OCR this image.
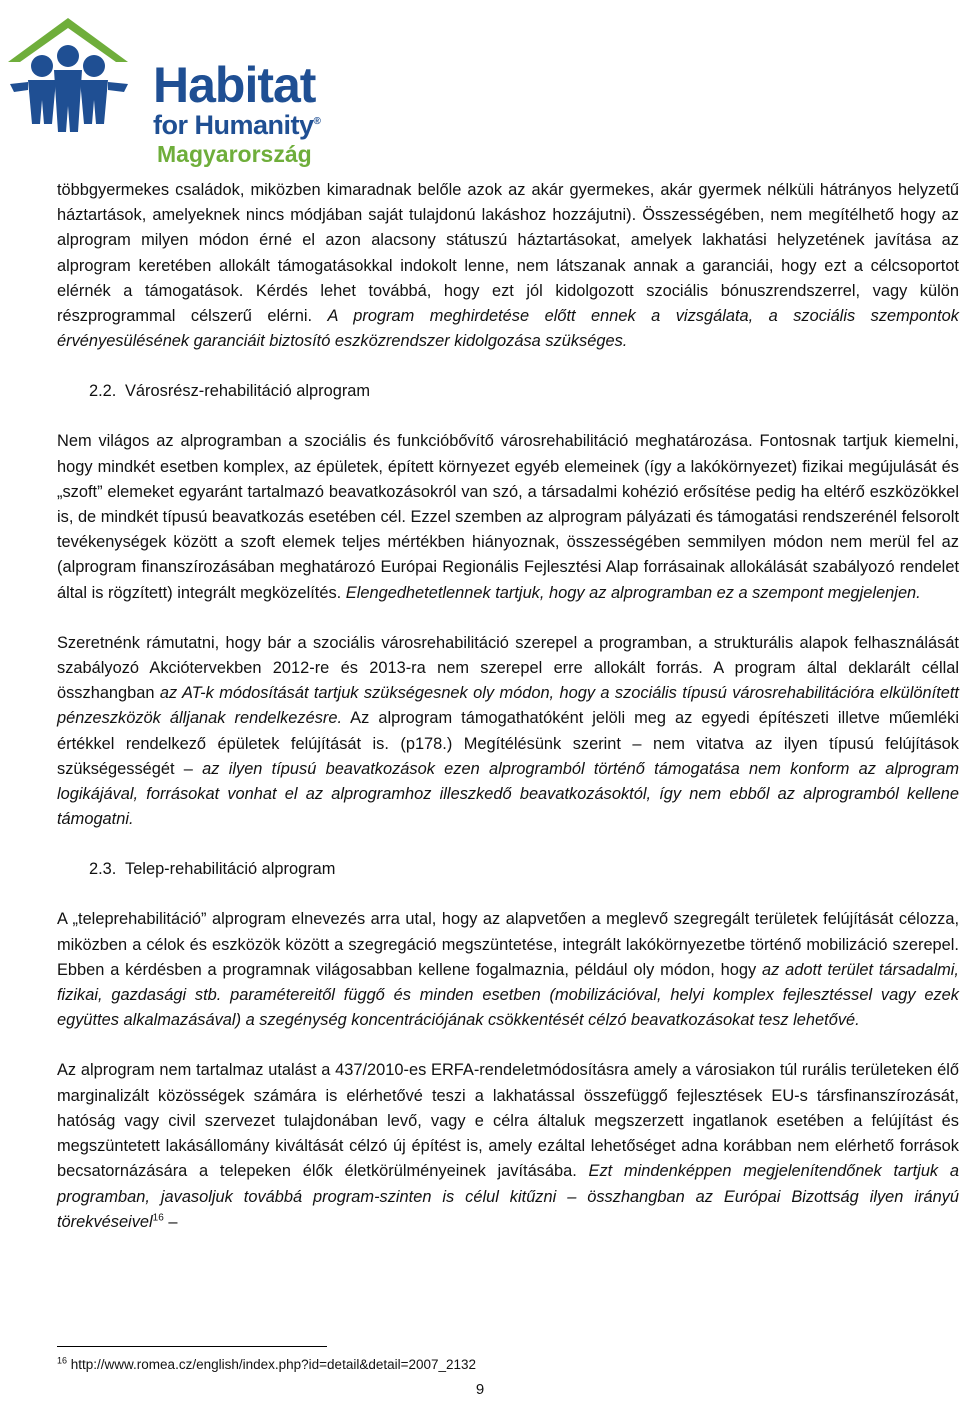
Habitat
for Humanity®
Magyarország

többgyermekes családok, miközben kimaradnak belőle azok az akár gyermekes, akár gyermek nélküli hátrányos helyzetű háztartások, amelyeknek nincs módjában saját tulajdonú lakáshoz hozzájutni). Összességében, nem megítélhető hogy az alprogram milyen módon érné el azon alacsony státuszú háztartásokat, amelyek lakhatási helyzetének javítása az alprogram keretében allokált támogatásokkal indokolt lenne, nem látszanak annak a garanciái, hogy ezt a célcsoportot elérnék a támogatások. Kérdés lehet továbbá, hogy ezt jól kidolgozott szociális bónuszrendszerrel, vagy külön részprogrammal célszerű elérni. A program meghirdetése előtt ennek a vizsgálata, a szociális szempontok érvényesülésének garanciáit biztosító eszközrendszer kidolgozása szükséges.

2.2. Városrész-rehabilitáció alprogram

Nem világos az alprogramban a szociális és funkcióbővítő városrehabilitáció meghatározása. Fontosnak tartjuk kiemelni, hogy mindkét esetben komplex, az épületek, épített környezet egyéb elemeinek (így a lakókörnyezet) fizikai megújulását és „szoft” elemeket egyaránt tartalmazó beavatkozásokról van szó, a társadalmi kohézió erősítése pedig ha eltérő eszközökkel is, de mindkét típusú beavatkozás esetében cél. Ezzel szemben az alprogram pályázati és támogatási rendszerénél felsorolt tevékenységek között a szoft elemek teljes mértékben hiányoznak, összességében semmilyen módon nem merül fel az (alprogram finanszírozásában meghatározó Európai Regionális Fejlesztési Alap forrásainak allokálását szabályozó rendelet által is rögzített) integrált megközelítés. Elengedhetetlennek tartjuk, hogy az alprogramban ez a szempont megjelenjen.

Szeretnénk rámutatni, hogy bár a szociális városrehabilitáció szerepel a programban, a strukturális alapok felhasználását szabályozó Akciótervekben 2012-re és 2013-ra nem szerepel erre allokált forrás. A program által deklarált céllal összhangban az AT-k módosítását tartjuk szükségesnek oly módon, hogy a szociális típusú városrehabilitációra elkülönített pénzeszközök álljanak rendelkezésre. Az alprogram támogathatóként jelöli meg az egyedi építészeti illetve műemléki értékkel rendelkező épületek felújítását is. (p178.) Megítélésünk szerint – nem vitatva az ilyen típusú felújítások szükségességét – az ilyen típusú beavatkozások ezen alprogramból történő támogatása nem konform az alprogram logikájával, forrásokat vonhat el az alprogramhoz illeszkedő beavatkozásoktól, így nem ebből az alprogramból kellene támogatni.

2.3. Telep-rehabilitáció alprogram

A „teleprehabilitáció” alprogram elnevezés arra utal, hogy az alapvetően a meglevő szegregált területek felújítását célozza, miközben a célok és eszközök között a szegregáció megszüntetése, integrált lakókörnyezetbe történő mobilizáció szerepel. Ebben a kérdésben a programnak világosabban kellene fogalmaznia, például oly módon, hogy az adott terület társadalmi, fizikai, gazdasági stb. paramétereitől függő és minden esetben (mobilizációval, helyi komplex fejlesztéssel vagy ezek együttes alkalmazásával) a szegénység koncentrációjának csökkentését célzó beavatkozásokat tesz lehetővé.

Az alprogram nem tartalmaz utalást a 437/2010-es ERFA-rendeletmódosításra amely a városiakon túl rurális területeken élő marginalizált közösségek számára is elérhetővé teszi a lakhatással összefüggő fejlesztések EU-s társfinanszírozását, hatóság vagy civil szervezet tulajdonában levő, vagy e célra általuk megszerzett ingatlanok esetében a felújítást és megszüntetett lakásállomány kiváltását célzó új építést is, amely ezáltal lehetőséget adna korábban nem elérhető források becsatornázására a telepeken élők életkörülményeinek javításába. Ezt mindenképpen megjelenítendőnek tartjuk a programban, javasoljuk továbbá program-szinten is célul kitűzni – összhangban az Európai Bizottság ilyen irányú törekvéseivel$^{16}$ –

$^{16}$ http://www.romea.cz/english/index.php?id=detail&detail=2007_2132
9
